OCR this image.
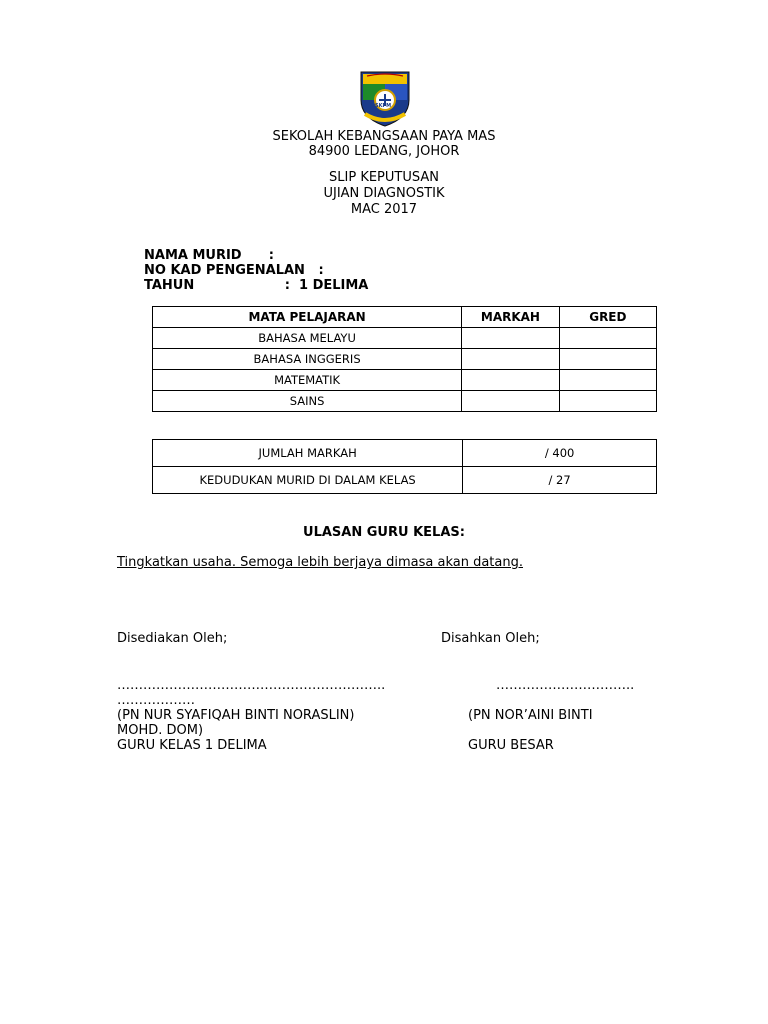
SKPM
SEKOLAH KEBANGSAAN PAYA MAS
84900 LEDANG, JOHOR
SLIP KEPUTUSAN
UJIAN DIAGNOSTIK
MAC 2017
NAMA MURID      :
NO KAD PENGENALAN   :
TAHUN                    :  1 DELIMA
MATA PELAJARAN	MARKAH	GRED
BAHASA MELAYU		
BAHASA INGGERIS		
MATEMATIK		
SAINS		
JUMLAH MARKAH	/ 400
KEDUDUKAN MURID DI DALAM KELAS	/ 27
ULASAN GURU KELAS:
Tingkatkan usaha. Semoga lebih berjaya dimasa akan datang.
Disediakan Oleh;	Disahkan Oleh;
……………………………………………………..	…………………………..
………………
(PN NUR SYAFIQAH BINTI NORASLIN)	(PN NOR’AINI BINTI
MOHD. DOM)
GURU KELAS 1 DELIMA	GURU BESAR
